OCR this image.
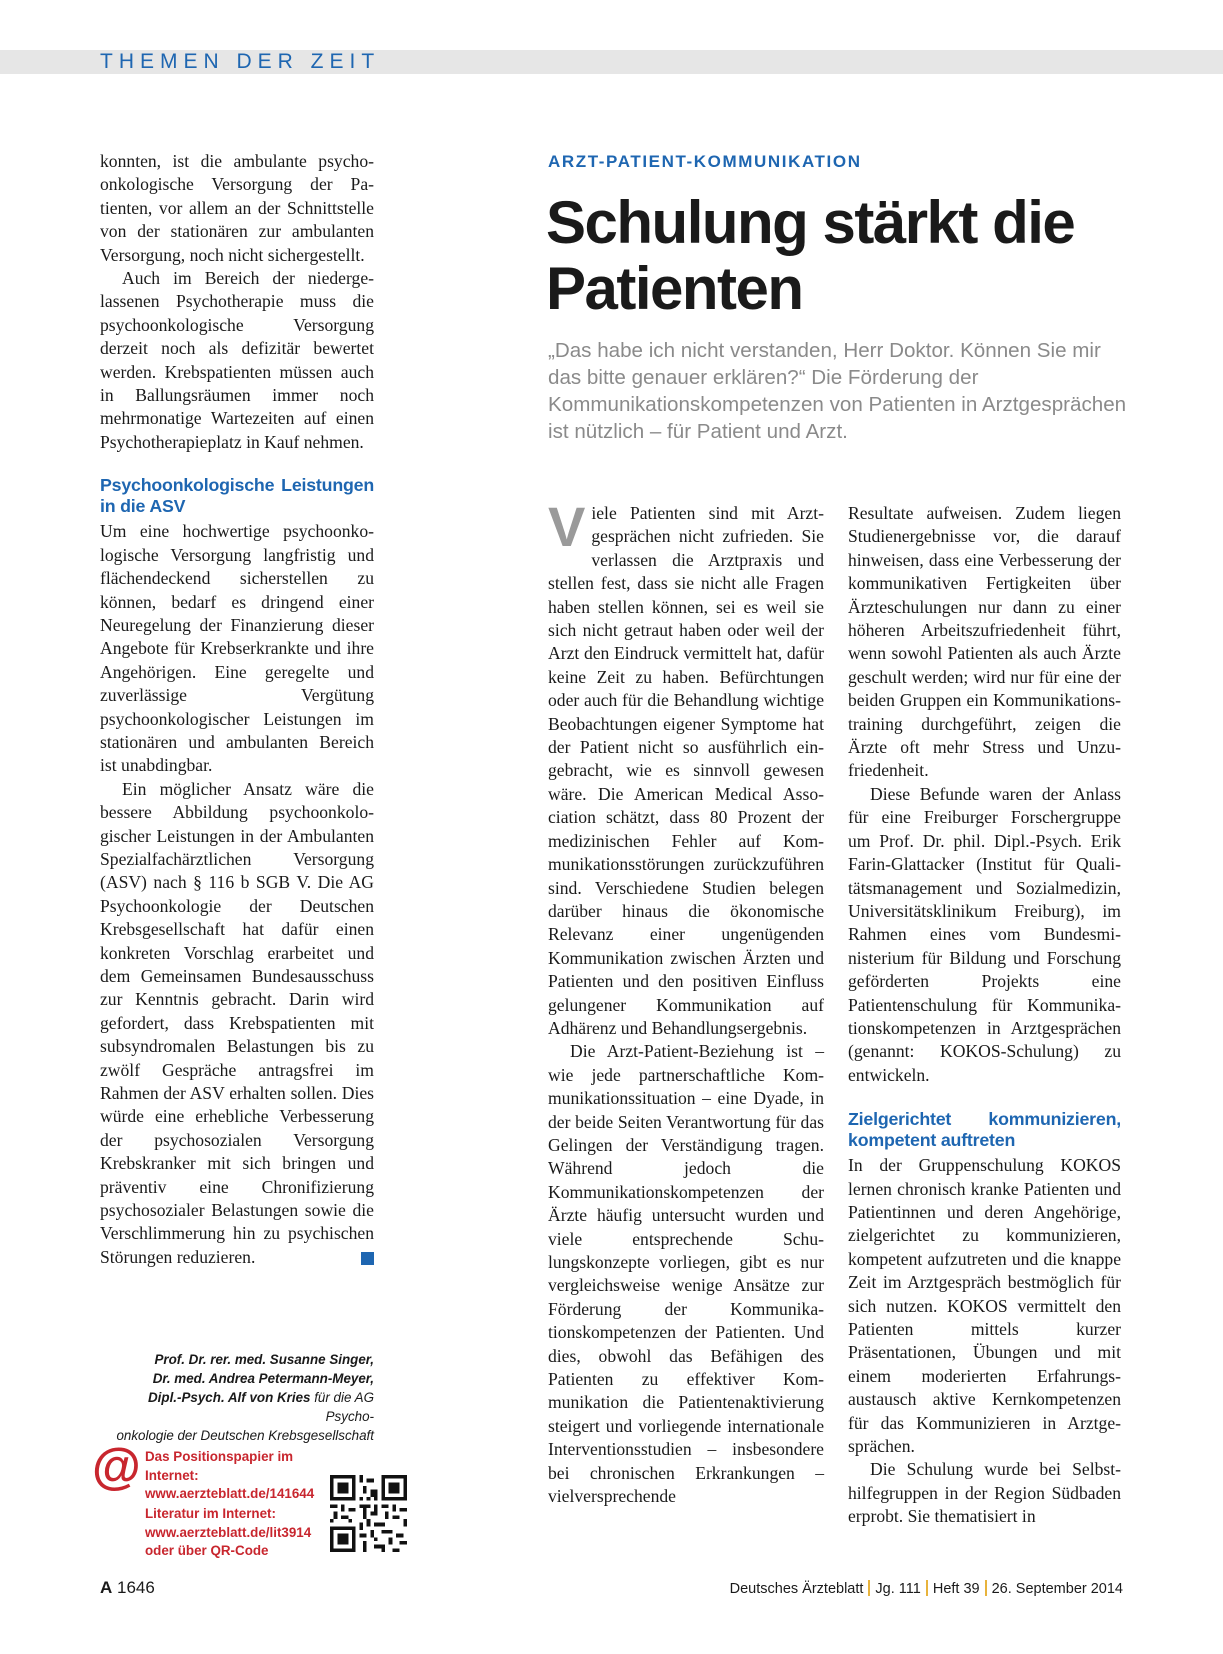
THEMEN DER ZEIT

konnten, ist die ambulante psychoonkologische Versorgung der Patienten, vor allem an der Schnittstelle von der stationären zur ambulanten Versorgung, noch nicht sichergestellt.

Auch im Bereich der niedergelassenen Psychotherapie muss die psychoonkologische Versorgung derzeit noch als defizitär bewertet werden. Krebspatienten müssen auch in Ballungsräumen immer noch mehrmonatige Wartezeiten auf einen Psychotherapieplatz in Kauf nehmen.

Psychoonkologische Leistungen in die ASV

Um eine hochwertige psychoonkologische Versorgung langfristig und flächendeckend sicherstellen zu können, bedarf es dringend einer Neuregelung der Finanzierung dieser Angebote für Krebserkrankte und ihre Angehörigen. Eine geregelte und zuverlässige Vergütung psychoonkologischer Leistungen im stationären und ambulanten Bereich ist unabdingbar.

Ein möglicher Ansatz wäre die bessere Abbildung psychoonkologischer Leistungen in der Ambulanten Spezialfachärztlichen Versorgung (ASV) nach § 116 b SGB V. Die AG Psychoonkologie der Deutschen Krebsgesellschaft hat dafür einen konkreten Vorschlag erarbeitet und dem Gemeinsamen Bundesausschuss zur Kenntnis gebracht. Darin wird gefordert, dass Krebspatienten mit subsyndromalen Belastungen bis zu zwölf Gespräche antragsfrei im Rahmen der ASV erhalten sollen. Dies würde eine erhebliche Verbesserung der psychosozialen Versorgung Krebskranker mit sich bringen und präventiv eine Chronifizierung psychosozialer Belastungen sowie die Verschlimmerung hin zu psychischen Störungen reduzieren.

Prof. Dr. rer. med. Susanne Singer,
Dr. med. Andrea Petermann-Meyer,
Dipl.-Psych. Alf von Kries für die AG Psycho-
onkologie der Deutschen Krebsgesellschaft
@ Das Positionspapier im Internet:
www.aerzteblatt.de/141644
Literatur im Internet:
www.aerzteblatt.de/lit3914
oder über QR-Code
ARZT-PATIENT-KOMMUNIKATION
Schulung stärkt die Patienten
„Das habe ich nicht verstanden, Herr Doktor. Können Sie mir das bitte genauer erklären?“ Die Förderung der Kommunikationskompetenzen von Patienten in Arztgesprächen ist nützlich – für Patient und Arzt.

Viele Patienten sind mit Arztgesprächen nicht zufrieden. Sie verlassen die Arztpraxis und stellen fest, dass sie nicht alle Fragen haben stellen können, sei es weil sie sich nicht getraut haben oder weil der Arzt den Eindruck vermittelt hat, dafür keine Zeit zu haben. Befürchtungen oder auch für die Behandlung wichtige Beobachtungen eigener Symptome hat der Patient nicht so ausführlich eingebracht, wie es sinnvoll gewesen wäre. Die American Medical Association schätzt, dass 80 Prozent der medizinischen Fehler auf Kommunikationsstörungen zurückzuführen sind. Verschiedene Studien belegen darüber hinaus die ökonomische Relevanz einer ungenügenden Kommunikation zwischen Ärzten und Patienten und den positiven Einfluss gelungener Kommunikation auf Adhärenz und Behandlungsergebnis.

Die Arzt-Patient-Beziehung ist – wie jede partnerschaftliche Kommunikationssituation – eine Dyade, in der beide Seiten Verantwortung für das Gelingen der Verständigung tragen. Während jedoch die Kommunikationskompetenzen der Ärzte häufig untersucht wurden und viele entsprechende Schulungskonzepte vorliegen, gibt es nur vergleichsweise wenige Ansätze zur Förderung der Kommunikationskompetenzen der Patienten. Und dies, obwohl das Befähigen des Patienten zu effektiver Kommunikation die Patientenaktivierung steigert und vorliegende internationale Interventionsstudien – insbesondere bei chronischen Erkrankungen – vielversprechende

Resultate aufweisen. Zudem liegen Studienergebnisse vor, die darauf hinweisen, dass eine Verbesserung der kommunikativen Fertigkeiten über Ärzteschulungen nur dann zu einer höheren Arbeitszufriedenheit führt, wenn sowohl Patienten als auch Ärzte geschult werden; wird nur für eine der beiden Gruppen ein Kommunikationstraining durchgeführt, zeigen die Ärzte oft mehr Stress und Unzufriedenheit.

Diese Befunde waren der Anlass für eine Freiburger Forschergruppe um Prof. Dr. phil. Dipl.-Psych. Erik Farin-Glattacker (Institut für Qualitätsmanagement und Sozialmedizin, Universitätsklinikum Freiburg), im Rahmen eines vom Bundesministerium für Bildung und Forschung geförderten Projekts eine Patientenschulung für Kommunikationskompetenzen in Arztgesprächen (genannt: KOKOS-Schulung) zu entwickeln.

Zielgerichtet kommunizieren, kompetent auftreten

In der Gruppenschulung KOKOS lernen chronisch kranke Patienten und Patientinnen und deren Angehörige, zielgerichtet zu kommunizieren, kompetent aufzutreten und die knappe Zeit im Arztgespräch bestmöglich für sich nutzen. KOKOS vermittelt den Patienten mittels kurzer Präsentationen, Übungen und mit einem moderierten Erfahrungsaustausch aktive Kernkompetenzen für das Kommunizieren in Arztgesprächen.

Die Schulung wurde bei Selbsthilfegruppen in der Region Südbaden erprobt. Sie thematisiert in

A 1646	Deutsches Ärzteblatt Jg. 111 Heft 39 26. September 2014
